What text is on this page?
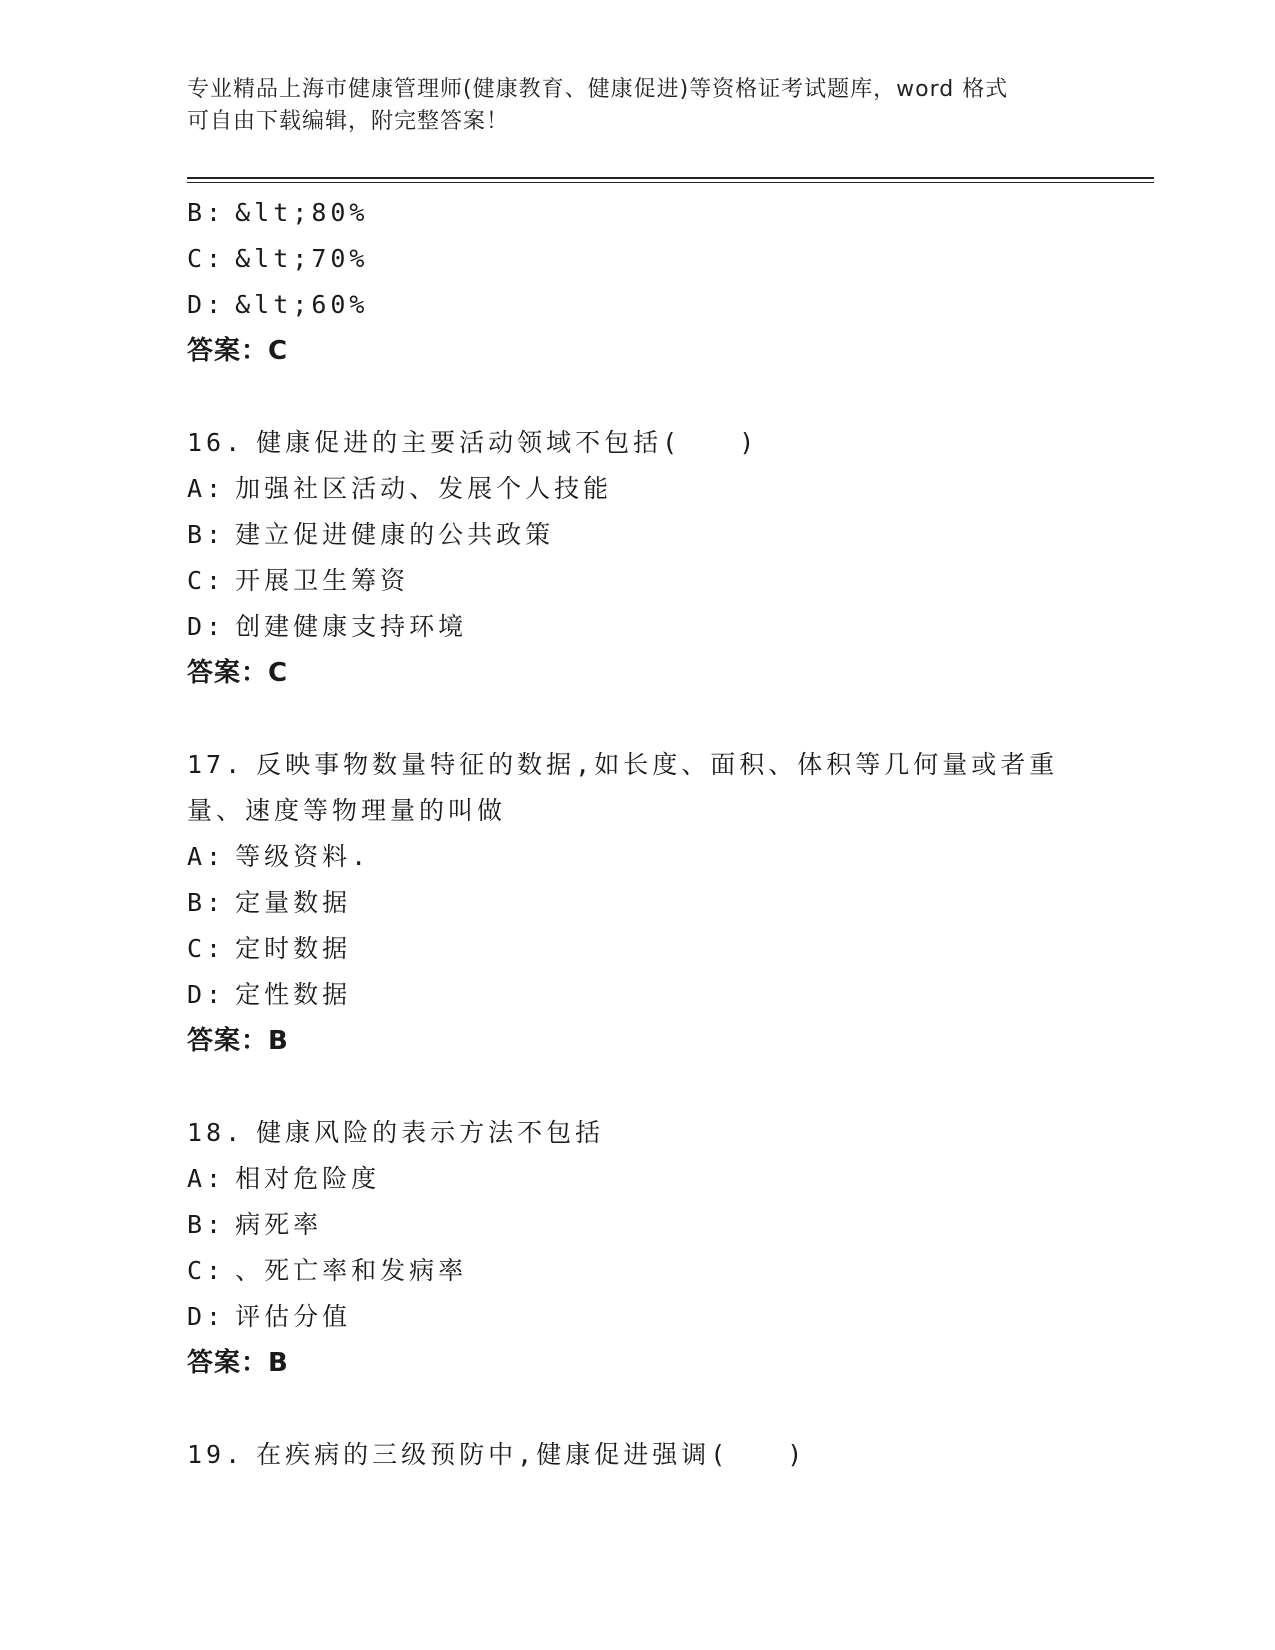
专业精品上海市健康管理师(健康教育、健康促进)等资格证考试题库，word 格式
可自由下载编辑，附完整答案！
B: &lt;80%
C: &lt;70%
D: &lt;60%
答案：C
16. 健康促进的主要活动领域不包括(　　)
A: 加强社区活动、发展个人技能
B: 建立促进健康的公共政策
C: 开展卫生筹资
D: 创建健康支持环境
答案：C
17. 反映事物数量特征的数据,如长度、面积、体积等几何量或者重量、速度等物理量的叫做
A: 等级资料.
B: 定量数据
C: 定时数据
D: 定性数据
答案：B
18. 健康风险的表示方法不包括
A: 相对危险度
B: 病死率
C: 、死亡率和发病率
D: 评估分值
答案：B
19. 在疾病的三级预防中,健康促进强调(　　)
